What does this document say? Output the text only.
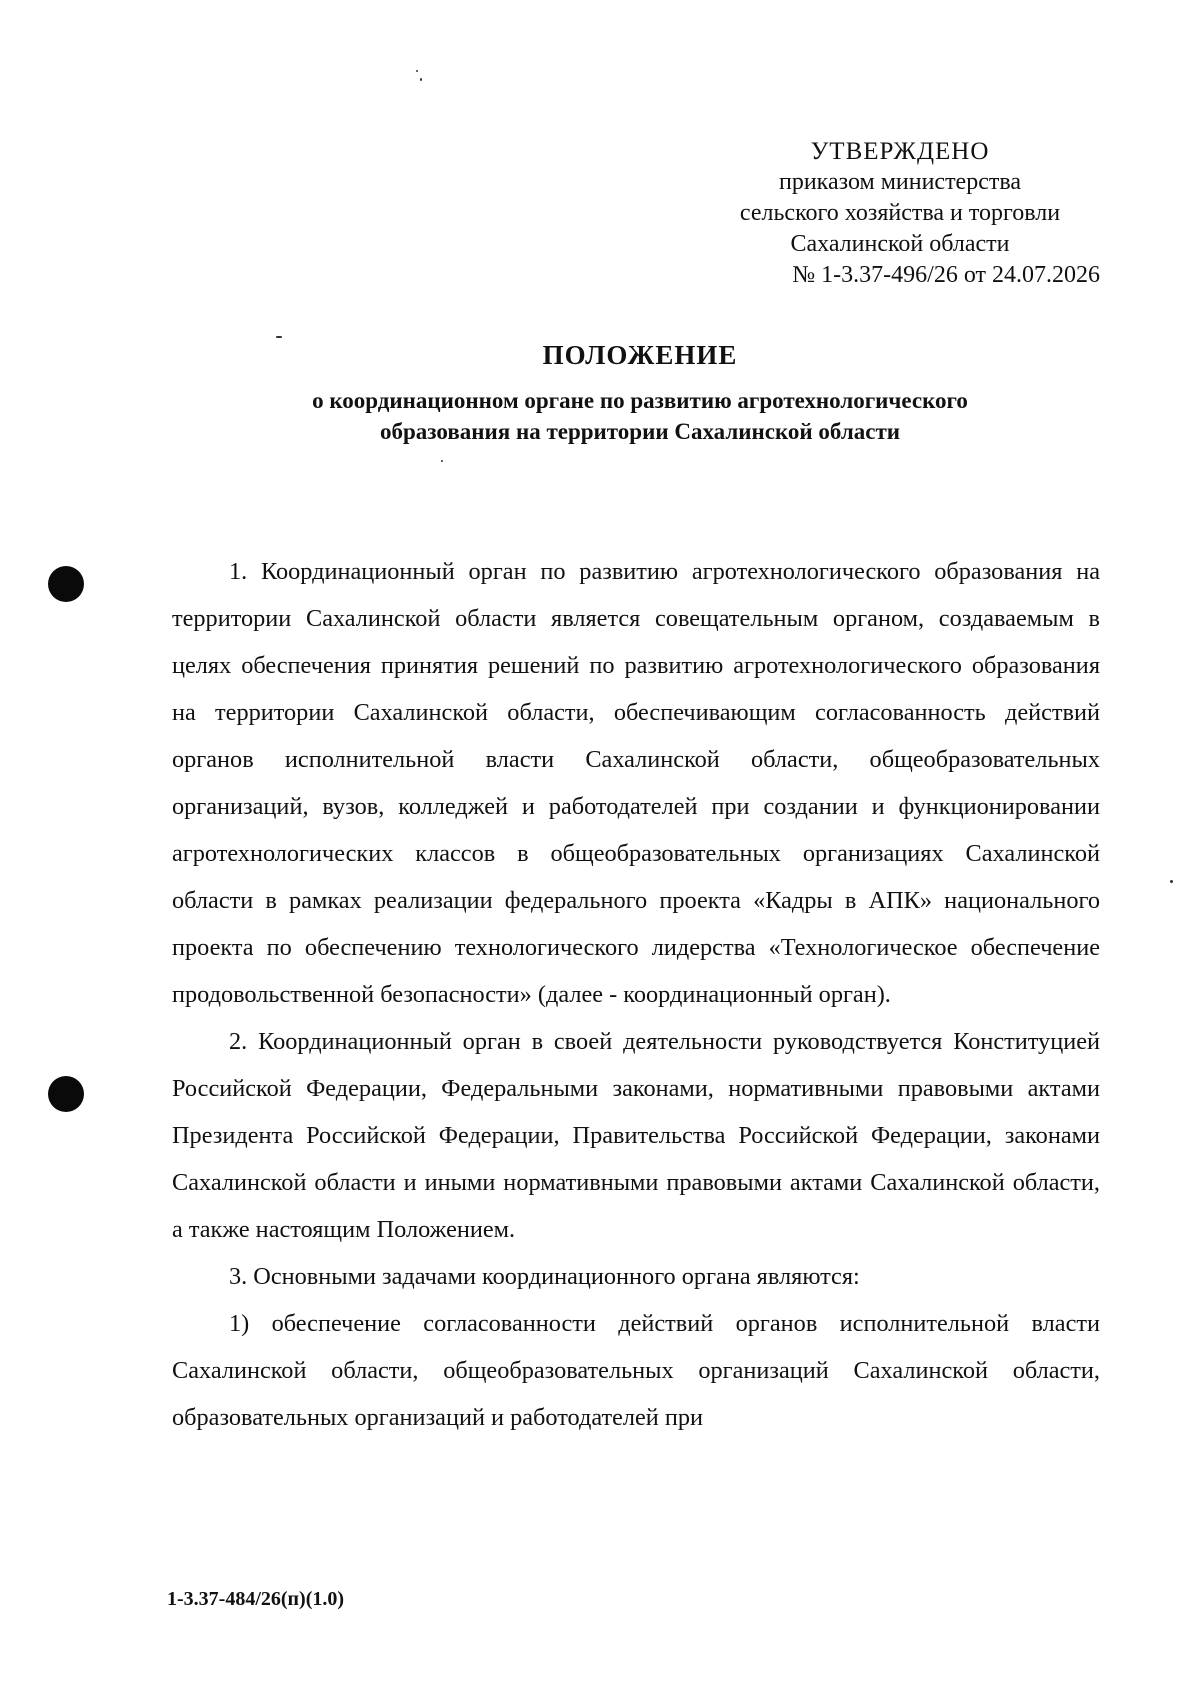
УТВЕРЖДЕНО
приказом министерства
сельского хозяйства и торговли
Сахалинской области
№ 1-3.37-496/26 от 24.07.2026
ПОЛОЖЕНИЕ
о координационном органе по развитию агротехнологического
образования на территории Сахалинской области

1. Координационный орган по развитию агротехнологического образования на территории Сахалинской области является совещательным органом, создаваемым в целях обеспечения принятия решений по развитию агротехнологического образования на территории Сахалинской области, обеспечивающим согласованность действий органов исполнительной власти Сахалинской области, общеобразовательных организаций, вузов, колледжей и работодателей при создании и функционировании агротехнологических классов в общеобразовательных организациях Сахалинской области в рамках реализации федерального проекта «Кадры в АПК» национального проекта по обеспечению технологического лидерства «Технологическое обеспечение продовольственной безопасности» (далее - координационный орган).

2. Координационный орган в своей деятельности руководствуется Конституцией Российской Федерации, Федеральными законами, нормативными правовыми актами Президента Российской Федерации, Правительства Российской Федерации, законами Сахалинской области и иными нормативными правовыми актами Сахалинской области, а также настоящим Положением.

3. Основными задачами координационного органа являются:

1) обеспечение согласованности действий органов исполнительной власти Сахалинской области, общеобразовательных организаций Сахалинской области, образовательных организаций и работодателей при

1-3.37-484/26(п)(1.0)
